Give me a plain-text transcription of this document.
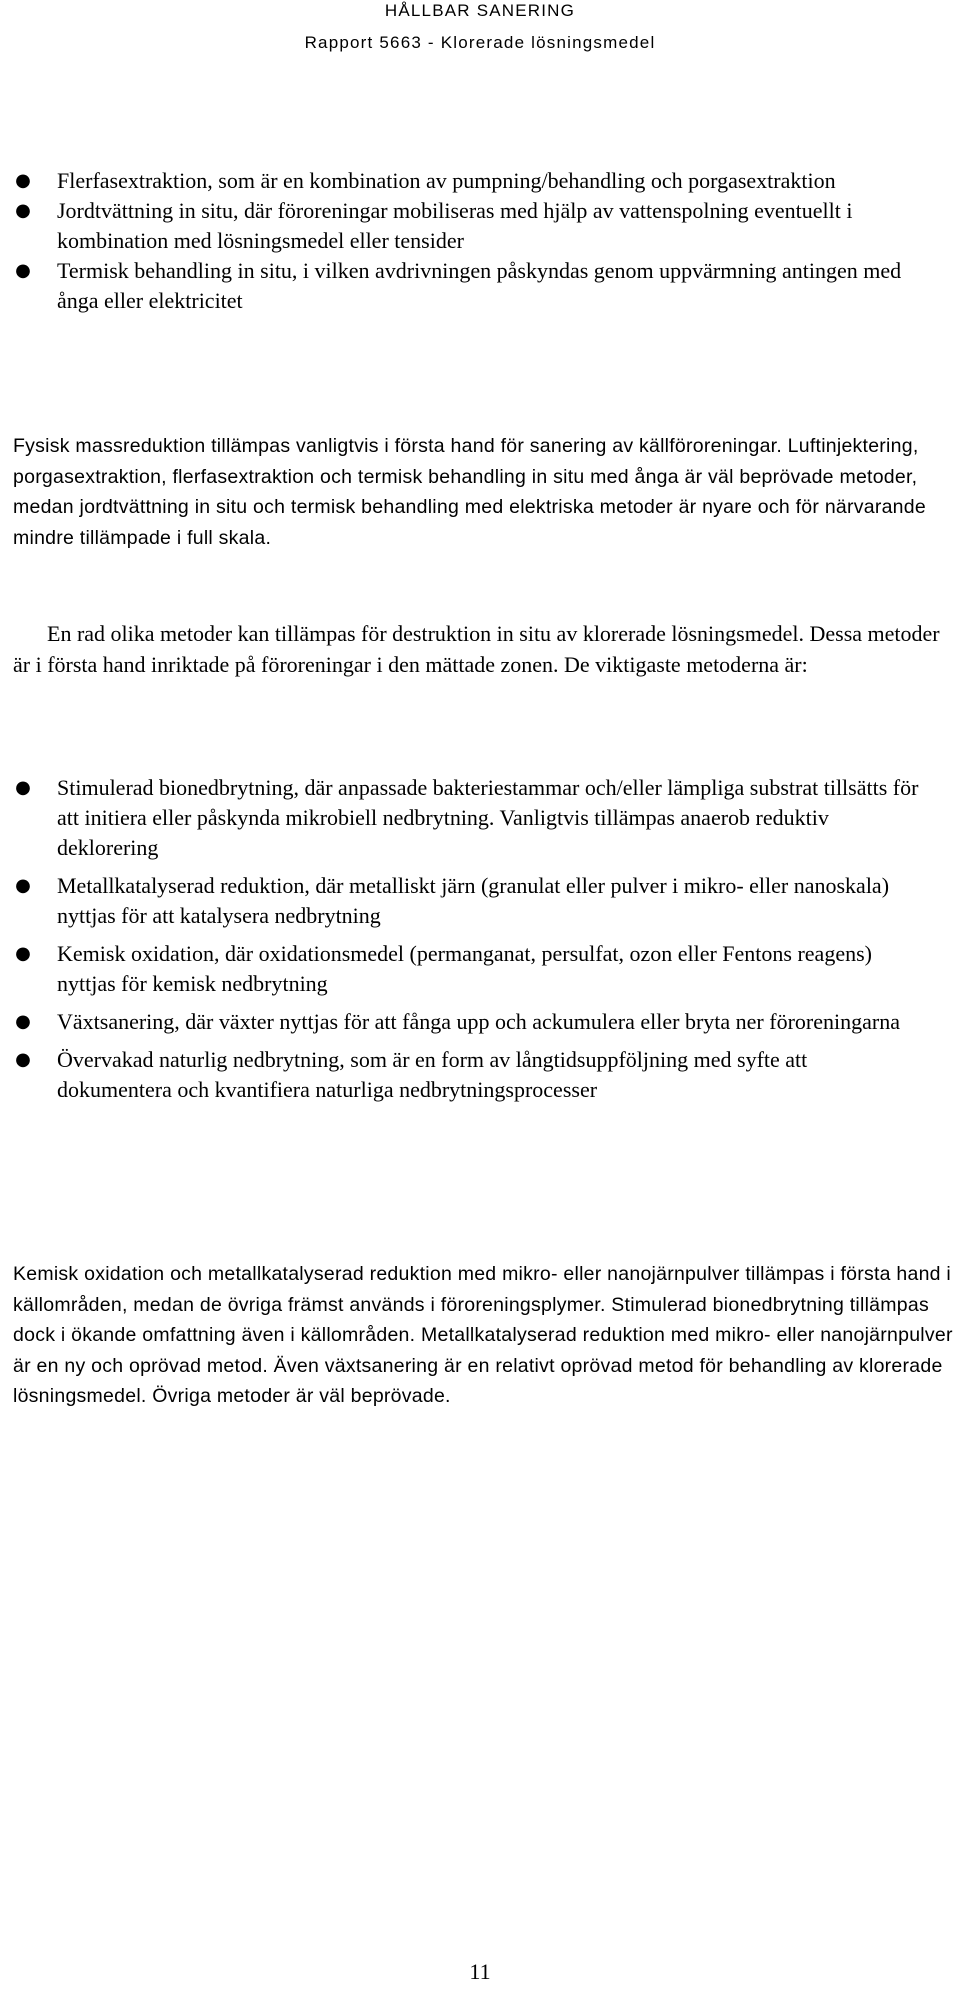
HÅLLBAR SANERING
Rapport 5663 - Klorerade lösningsmedel
● Flerfasextraktion, som är en kombination av pumpning/behandling och porgasextraktion
● Jordtvättning in situ, där föroreningar mobiliseras med hjälp av vattenspolning eventuellt i kombination med lösningsmedel eller tensider
● Termisk behandling in situ, i vilken avdrivningen påskyndas genom uppvärmning antingen med ånga eller elektricitet

Fysisk massreduktion tillämpas vanligtvis i första hand för sanering av källföroreningar. Luftinjektering, porgasextraktion, flerfasextraktion och termisk behandling in situ med ånga är väl beprövade metoder, medan jordtvättning in situ och termisk behandling med elektriska metoder är nyare och för närvarande mindre tillämpade i full skala.

En rad olika metoder kan tillämpas för destruktion in situ av klorerade lösningsmedel. Dessa metoder är i första hand inriktade på föroreningar i den mättade zonen. De viktigaste metoderna är:

● Stimulerad bionedbrytning, där anpassade bakteriestammar och/eller lämpliga substrat tillsätts för att initiera eller påskynda mikrobiell nedbrytning. Vanligtvis tillämpas anaerob reduktiv deklorering
● Metallkatalyserad reduktion, där metalliskt järn (granulat eller pulver i mikro- eller nanoskala) nyttjas för att katalysera nedbrytning
● Kemisk oxidation, där oxidationsmedel (permanganat, persulfat, ozon eller Fentons reagens) nyttjas för kemisk nedbrytning
● Växtsanering, där växter nyttjas för att fånga upp och ackumulera eller bryta ner föroreningarna
● Övervakad naturlig nedbrytning, som är en form av långtidsuppföljning med syfte att dokumentera och kvantifiera naturliga nedbrytningsprocesser

Kemisk oxidation och metallkatalyserad reduktion med mikro- eller nanojärnpulver tillämpas i första hand i källområden, medan de övriga främst används i föroreningsplymer. Stimulerad bionedbrytning tillämpas dock i ökande omfattning även i källområden. Metallkatalyserad reduktion med mikro- eller nanojärnpulver är en ny och oprövad metod. Även växtsanering är en relativt oprövad metod för behandling av klorerade lösningsmedel. Övriga metoder är väl beprövade.

11
